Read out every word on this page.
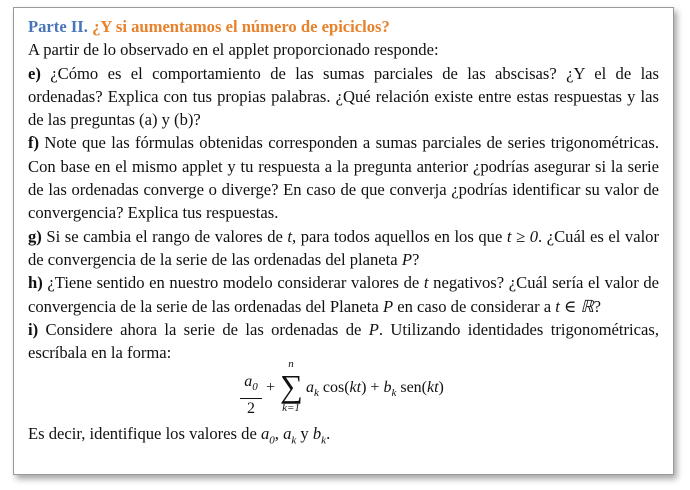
Parte II. ¿Y si aumentamos el número de epiciclos?

A partir de lo observado en el applet proporcionado responde:

e) ¿Cómo es el comportamiento de las sumas parciales de las abscisas? ¿Y el de las ordenadas? Explica con tus propias palabras. ¿Qué relación existe entre estas respuestas y las de las preguntas (a) y (b)?

f) Note que las fórmulas obtenidas corresponden a sumas parciales de series trigonométricas. Con base en el mismo applet y tu respuesta a la pregunta anterior ¿podrías asegurar si la serie de las ordenadas converge o diverge? En caso de que converja ¿podrías identificar su valor de convergencia? Explica tus respuestas.

g) Si se cambia el rango de valores de t, para todos aquellos en los que t ≥ 0. ¿Cuál es el valor de convergencia de la serie de las ordenadas del planeta P?

h) ¿Tiene sentido en nuestro modelo considerar valores de t negativos? ¿Cuál sería el valor de convergencia de la serie de las ordenadas del Planeta P en caso de considerar a t ∈ ℝ?

i) Considere ahora la serie de las ordenadas de P. Utilizando identidades trigonométricas, escríbala en la forma:

$\frac{a_0}{2}$ +
n
∑
k=1
$a_k$ $\cos(kt) + b_k$ sen(kt)

Es decir, identifique los valores de $a_0$, $a_k$ y $b_k$.
